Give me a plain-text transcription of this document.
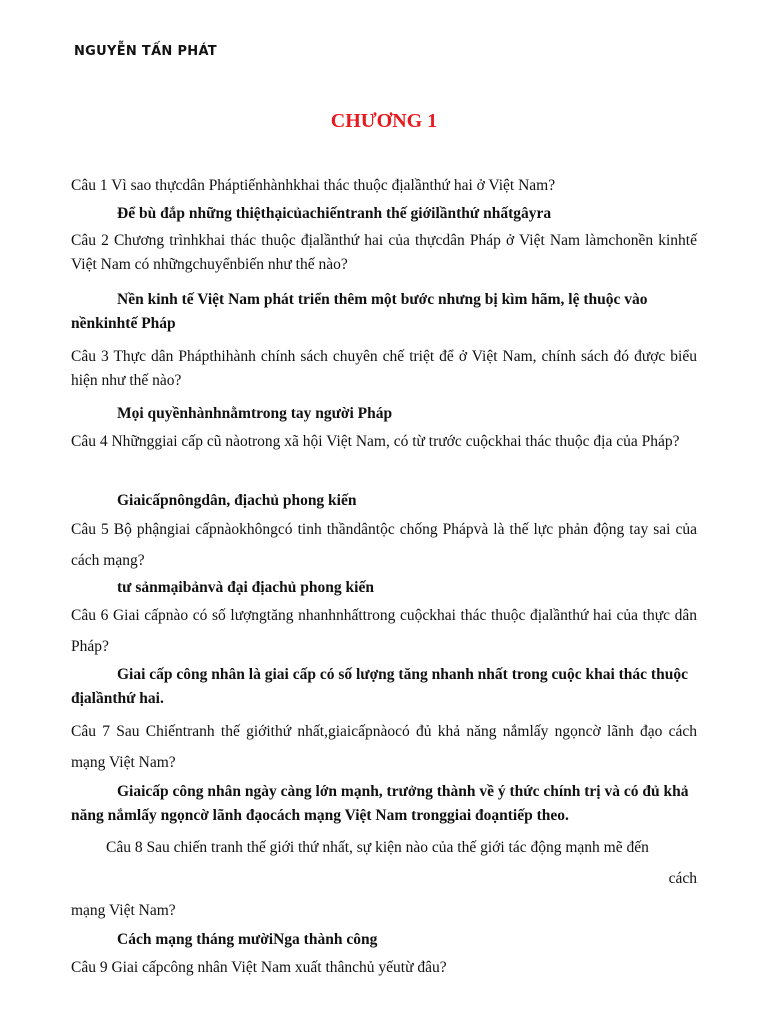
NGUYỄN TẤN PHÁT
CHƯƠNG 1
Câu 1 Vì sao thựcdân Pháptiếnhànhkhai thác thuộc địalầnthứ hai ở Việt Nam?
Để bù đắp những thiệthạicủachiếntranh thế giớilầnthứ nhấtgâyra
Câu 2 Chương trìnhkhai thác thuộc địalầnthứ hai của thựcdân Pháp ở Việt Nam làmchonền kinhtế Việt Nam có nhữngchuyểnbiến như thế nào?
Nền kinh tế Việt Nam phát triển thêm một bước nhưng bị kìm hãm, lệ thuộc vào nềnkinhtế Pháp
Câu 3 Thực dân Phápthihành chính sách chuyên chế triệt để ở Việt Nam, chính sách đó được biểu hiện như thế nào?
Mọi quyềnhànhnằmtrong tay người Pháp
Câu 4 Nhữnggiai cấp cũ nàotrong xã hội Việt Nam, có từ trước cuộckhai thác thuộc địa của Pháp?
Giaicấpnôngdân, địachủ phong kiến
Câu 5 Bộ phậngiai cấpnàokhôngcó tinh thầndântộc chống Phápvà là thế lực phản động tay sai của cách mạng?
tư sảnmạibảnvà đại địachủ phong kiến
Câu 6 Giai cấpnào có số lượngtăng nhanhnhấttrong cuộckhai thác thuộc địalầnthứ hai của thực dân Pháp?
Giai cấp công nhân là giai cấp có số lượng tăng nhanh nhất trong cuộc khai thác thuộc địalầnthứ hai.
Câu 7 Sau Chiếntranh thế giớithứ nhất,giaicấpnàocó đủ khả năng nắmlấy ngọncờ lãnh đạo cách mạng Việt Nam?
Giaicấp công nhân ngày càng lớn mạnh, trưởng thành về ý thức chính trị và có đủ khả năng nắmlấy ngọncờ lãnh đạocách mạng Việt Nam tronggiai đoạntiếp theo.
Câu 8 Sau chiến tranh thế giới thứ nhất, sự kiện nào của thế giới tác động mạnh mẽ đến
cách
mạng Việt Nam?
Cách mạng tháng mườiNga thành công
Câu 9 Giai cấpcông nhân Việt Nam xuất thânchủ yếutừ đâu?
